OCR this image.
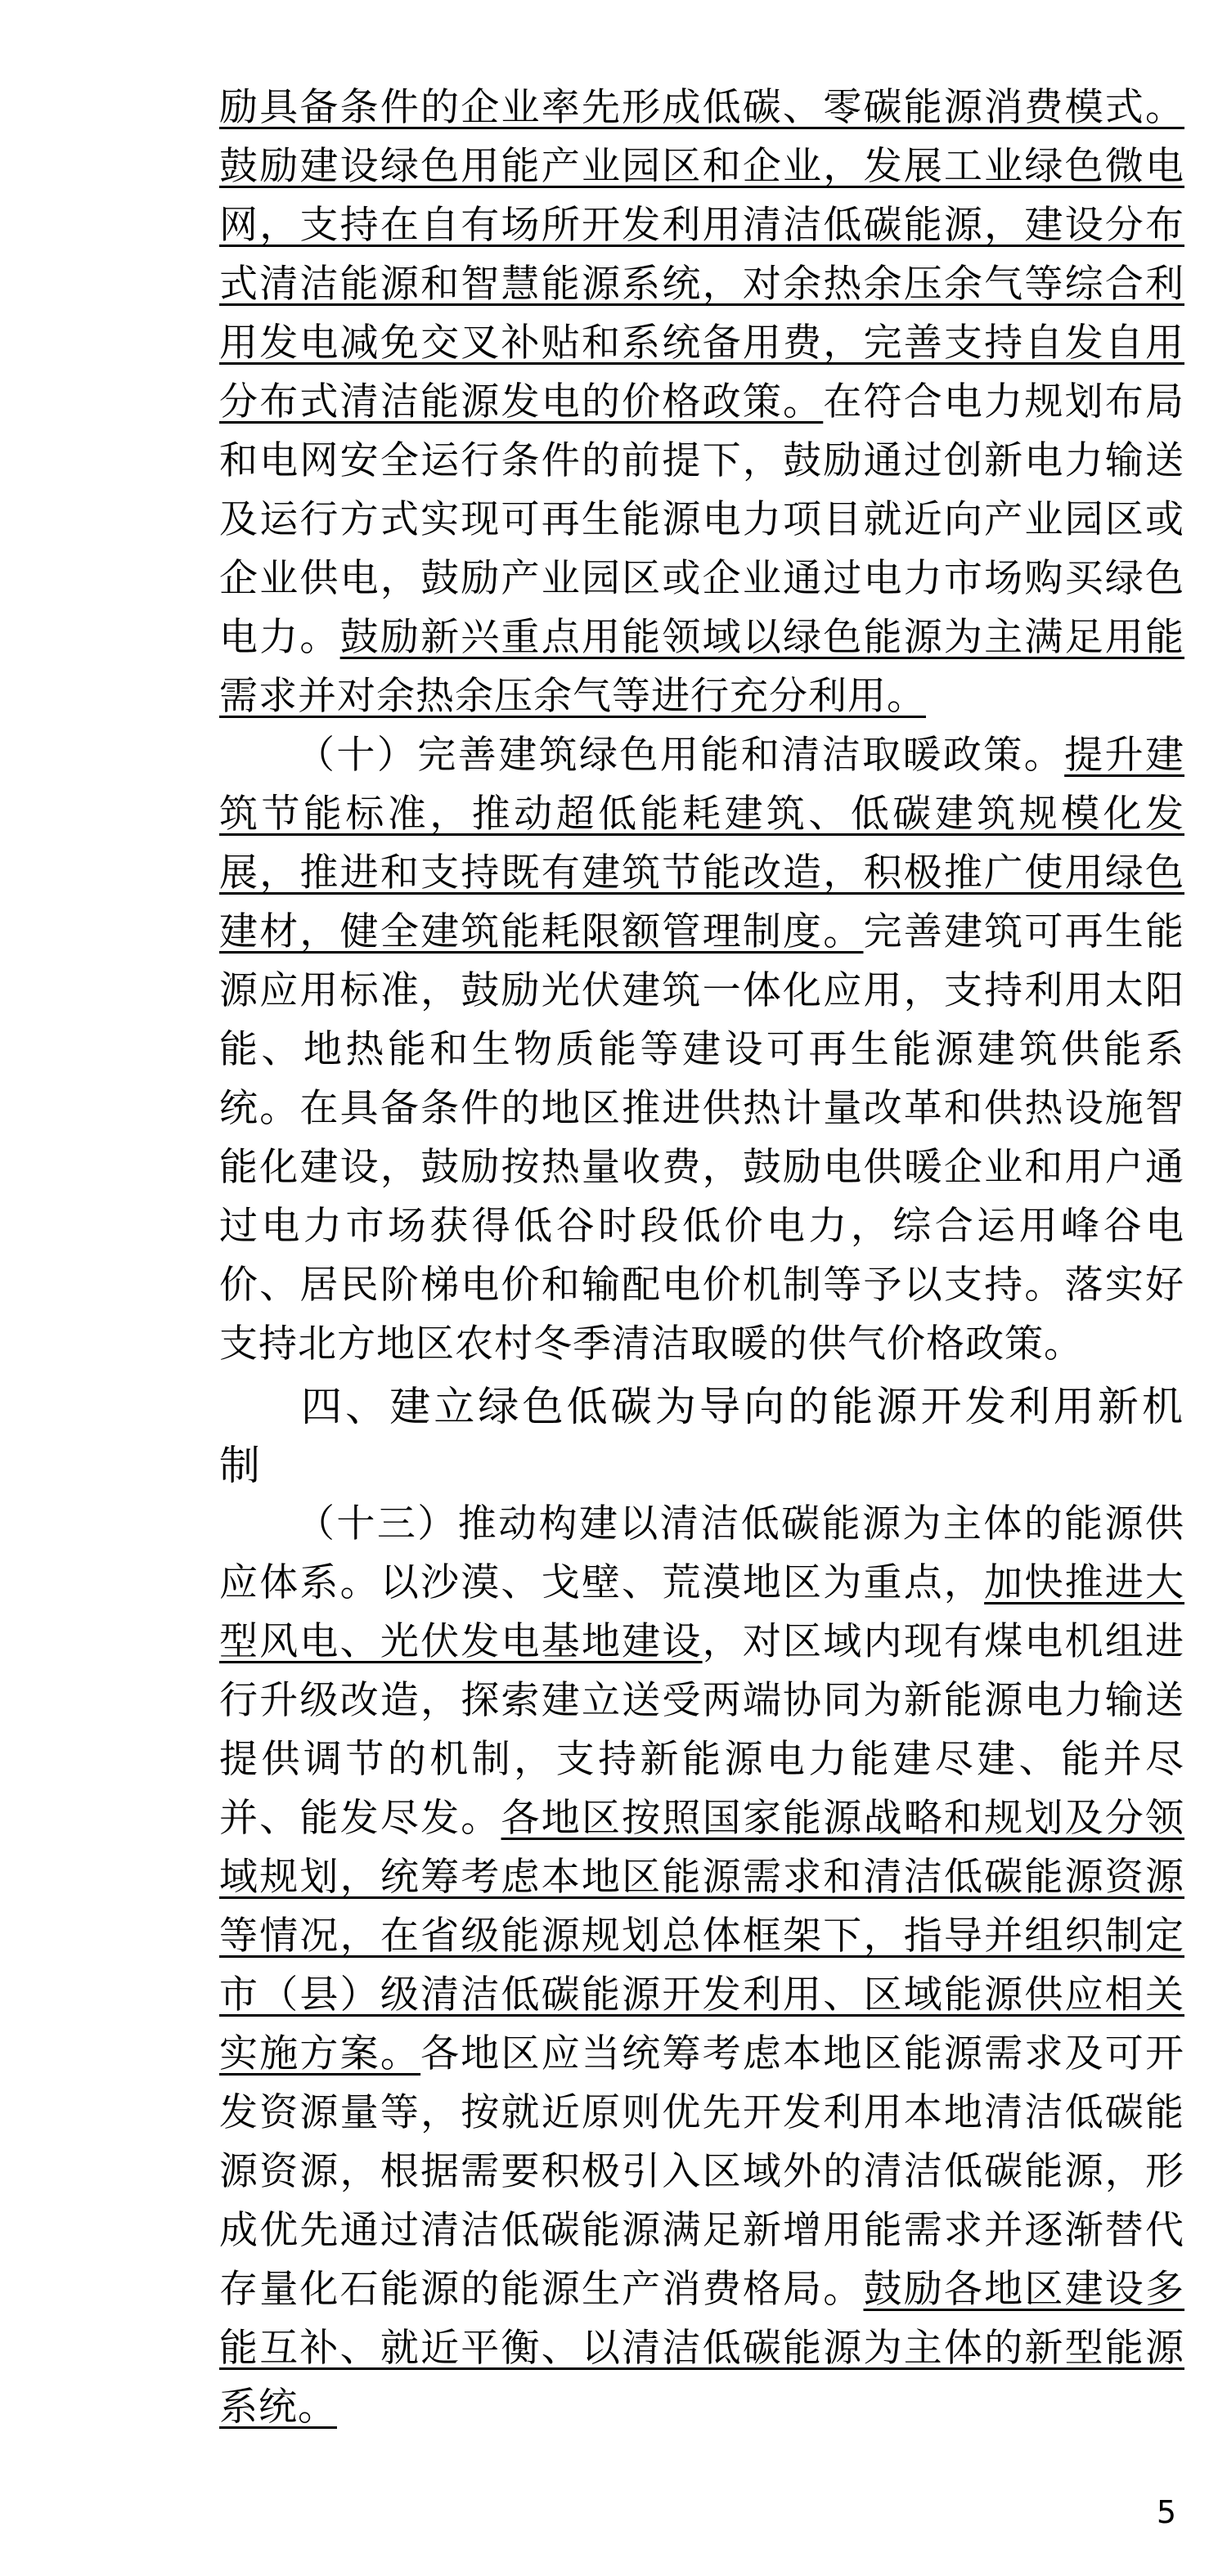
励具备条件的企业率先形成低碳、零碳能源消费模式。鼓励建设绿色用能产业园区和企业，发展工业绿色微电网，支持在自有场所开发利用清洁低碳能源，建设分布式清洁能源和智慧能源系统，对余热余压余气等综合利用发电减免交叉补贴和系统备用费，完善支持自发自用分布式清洁能源发电的价格政策。在符合电力规划布局和电网安全运行条件的前提下，鼓励通过创新电力输送及运行方式实现可再生能源电力项目就近向产业园区或企业供电，鼓励产业园区或企业通过电力市场购买绿色电力。鼓励新兴重点用能领域以绿色能源为主满足用能需求并对余热余压余气等进行充分利用。

（十）完善建筑绿色用能和清洁取暖政策。提升建筑节能标准，推动超低能耗建筑、低碳建筑规模化发展，推进和支持既有建筑节能改造，积极推广使用绿色建材，健全建筑能耗限额管理制度。完善建筑可再生能源应用标准，鼓励光伏建筑一体化应用，支持利用太阳能、地热能和生物质能等建设可再生能源建筑供能系统。在具备条件的地区推进供热计量改革和供热设施智能化建设，鼓励按热量收费，鼓励电供暖企业和用户通过电力市场获得低谷时段低价电力，综合运用峰谷电价、居民阶梯电价和输配电价机制等予以支持。落实好支持北方地区农村冬季清洁取暖的供气价格政策。

四、建立绿色低碳为导向的能源开发利用新机制

（十三）推动构建以清洁低碳能源为主体的能源供应体系。以沙漠、戈壁、荒漠地区为重点，加快推进大型风电、光伏发电基地建设，对区域内现有煤电机组进行升级改造，探索建立送受两端协同为新能源电力输送提供调节的机制，支持新能源电力能建尽建、能并尽并、能发尽发。各地区按照国家能源战略和规划及分领域规划，统筹考虑本地区能源需求和清洁低碳能源资源等情况，在省级能源规划总体框架下，指导并组织制定市（县）级清洁低碳能源开发利用、区域能源供应相关实施方案。各地区应当统筹考虑本地区能源需求及可开发资源量等，按就近原则优先开发利用本地清洁低碳能源资源，根据需要积极引入区域外的清洁低碳能源，形成优先通过清洁低碳能源满足新增用能需求并逐渐替代存量化石能源的能源生产消费格局。鼓励各地区建设多能互补、就近平衡、以清洁低碳能源为主体的新型能源系统。

5
